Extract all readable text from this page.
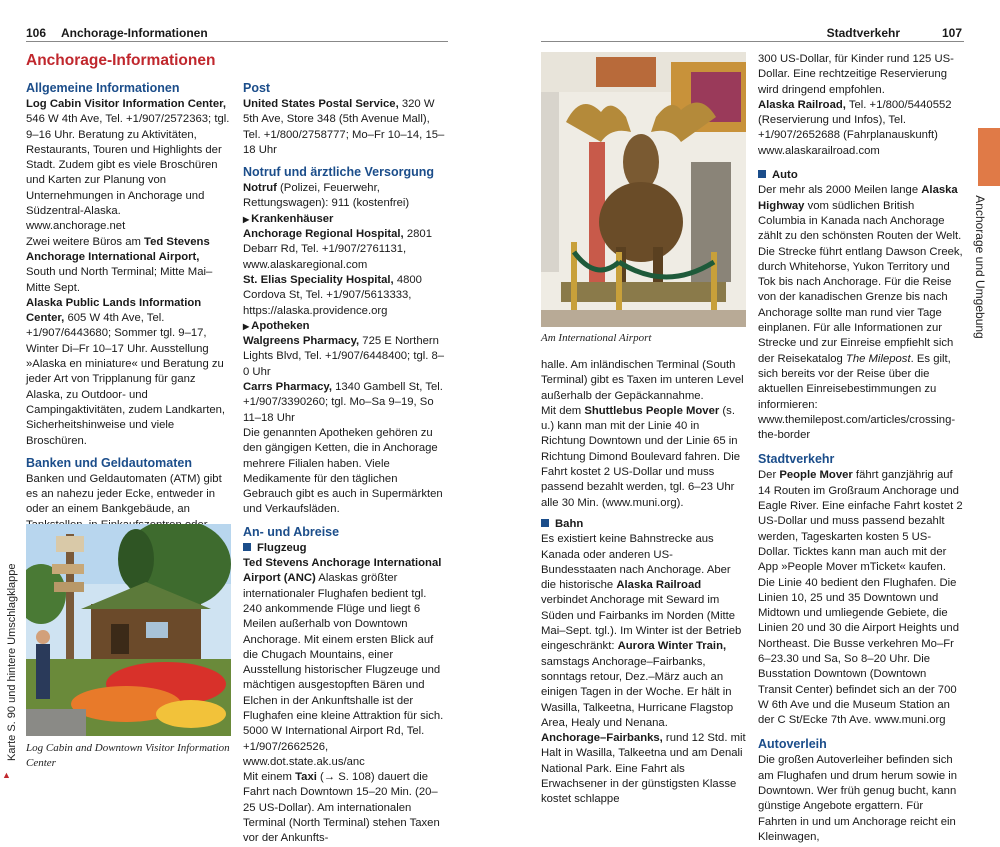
106 Anchorage-Informationen	Stadtverkehr	107
Anchorage-Informationen
Allgemeine Informationen

Log Cabin Visitor Information Center, 546 W 4th Ave, Tel. +1/907/2572363; tgl. 9–16 Uhr. Beratung zu Aktivitäten, Restaurants, Touren und Highlights der Stadt. Zudem gibt es viele Broschüren und Karten zur Planung von Unternehmungen in Anchorage und Südzentral-Alaska.

www.anchorage.net

Zwei weitere Büros am Ted Stevens Anchorage International Airport, South und North Terminal; Mitte Mai–Mitte Sept.

Alaska Public Lands Information Center, 605 W 4th Ave, Tel. +1/907/6443680; Sommer tgl. 9–17, Winter Di–Fr 10–17 Uhr. Ausstellung »Alaska en miniature« und Beratung zu jeder Art von Tripplanung für ganz Alaska, zu Outdoor- und Campingaktivitäten, zudem Landkarten, Sicherheitshinweise und viele Broschüren.

Banken und Geldautomaten

Banken und Geldautomaten (ATM) gibt es an nahezu jeder Ecke, entweder in oder an einem Bankgebäude, an

Log Cabin and Downtown Visitor Information Center
▲
Karte S. 90 und hintere Umschlagklappe
Post

United States Postal Service, 320 W 5th Ave, Store 348 (5th Avenue Mall), Tel. +1/800/2758777; Mo–Fr 10–14, 15–18 Uhr

Notruf und ärztliche Versorgung

Notruf (Polizei, Feuerwehr, Rettungswagen): 911 (kostenfrei)

▶ Krankenhäuser

Anchorage Regional Hospital, 2801 Debarr Rd, Tel. +1/907/2761131, www.alaskaregional.com

St. Elias Speciality Hospital, 4800 Cordova St, Tel. +1/907/5613333, https://alaska.providence.org

▶ Apotheken

Walgreens Pharmacy, 725 E Northern Lights Blvd, Tel. +1/907/6448400; tgl. 8–0 Uhr

Carrs Pharmacy, 1340 Gambell St, Tel. +1/907/3390260; tgl. Mo–Sa 9–19, So 11–18 Uhr

Die genannten Apotheken gehören zu den gängigen Ketten, die in Anchorage mehrere Filialen haben. Viele Medikamente für den täglichen Gebrauch gibt es auch in Supermärkten und Verkaufsläden.

An- und Abreise

Flugzeug

Ted Stevens Anchorage International Airport (ANC) Alaskas größter internationaler Flughafen bedient tgl. 240 ankommende Flüge und liegt 6 Meilen außerhalb von Downtown Anchorage. Mit einem ersten Blick auf die Chugach Mountains, einer Ausstellung historischer Flugzeuge und mächtigen ausgestopften Bären und Elchen in der Ankunftshalle ist der Flughafen eine kleine Attraktion für sich.

5000 W International Airport Rd, Tel. +1/907/2662526, www.dot.state.ak.us/anc

Mit einem Taxi (→ S. 108) dauert die Fahrt nach Downtown 15–20 Min. (20–25 US-Dollar). Am internationalen Terminal (North Terminal) stehen Taxen vor der Ankunfts-

Am International Airport

halle. Am inländischen Terminal (South Terminal) gibt es Taxen im unteren Level außerhalb der Gepäckannahme.

Mit dem Shuttlebus People Mover (s. u.) kann man mit der Linie 40 in Richtung Downtown und der Linie 65 in Richtung Dimond Boulevard fahren. Die Fahrt kostet 2 US-Dollar und muss passend bezahlt werden, tgl. 6–23 Uhr alle 30 Min. (www.muni.org).

Bahn

Es existiert keine Bahnstrecke aus Kanada oder anderen US-Bundesstaaten nach Anchorage. Aber die historische Alaska Railroad verbindet Anchorage mit Seward im Süden und Fairbanks im Norden (Mitte Mai–Sept. tgl.). Im Winter ist der Betrieb eingeschränkt: Aurora Winter Train, samstags Anchorage–Fairbanks, sonntags retour, Dez.–März auch an einigen Tagen in der Woche. Er hält in Wasilla, Talkeetna, Hurricane Flagstop Area, Healy und Nenana.

Anchorage–Fairbanks, rund 12 Std. mit Halt in Wasilla, Talkeetna und am Denali National Park. Eine Fahrt als Erwachsener in der günstigsten Klasse kostet schlappe

300 US-Dollar, für Kinder rund 125 US-Dollar. Eine rechtzeitige Reservierung wird dringend empfohlen.

Alaska Railroad, Tel. +1/800/5440552 (Reservierung und Infos), Tel. +1/907/2652688 (Fahrplanauskunft)

www.alaskarailroad.com

Auto

Der mehr als 2000 Meilen lange Alaska Highway vom südlichen British Columbia in Kanada nach Anchorage zählt zu den schönsten Routen der Welt. Die Strecke führt entlang Dawson Creek, durch Whitehorse, Yukon Territory und Tok bis nach Anchorage. Für die Reise von der kanadischen Grenze bis nach Anchorage sollte man rund vier Tage einplanen. Für alle Informationen zur Strecke und zur Einreise empfiehlt sich der Reisekatalog The Milepost. Es gilt, sich bereits vor der Reise über die aktuellen Einreisebestimmungen zu informieren: www.themilepost.com/articles/crossing-the-border

Stadtverkehr

Der People Mover fährt ganzjährig auf 14 Routen im Großraum Anchorage und Eagle River. Eine einfache Fahrt kostet 2 US-Dollar und muss passend bezahlt werden, Tageskarten kosten 5 US-Dollar. Ticktes kann man auch mit der App »People Mover mTicket« kaufen. Die Linie 40 bedient den Flughafen. Die Linien 10, 25 und 35 Downtown und Midtown und umliegende Gebiete, die Linien 20 und 30 die Airport Heights und Northeast. Die Busse verkehren Mo–Fr 6–23.30 und Sa, So 8–20 Uhr. Die Busstation Downtown (Downtown Transit Center) befindet sich an der 700 W 6th Ave und die Museum Station an der C St/Ecke 7th Ave. www.muni.org

Autoverleih

Die großen Autoverleiher befinden sich am Flughafen und drum herum sowie in Downtown. Wer früh genug bucht, kann günstige Angebote ergattern. Für Fahrten in und um Anchorage reicht ein Kleinwagen,

Anchorage und Umgebung
